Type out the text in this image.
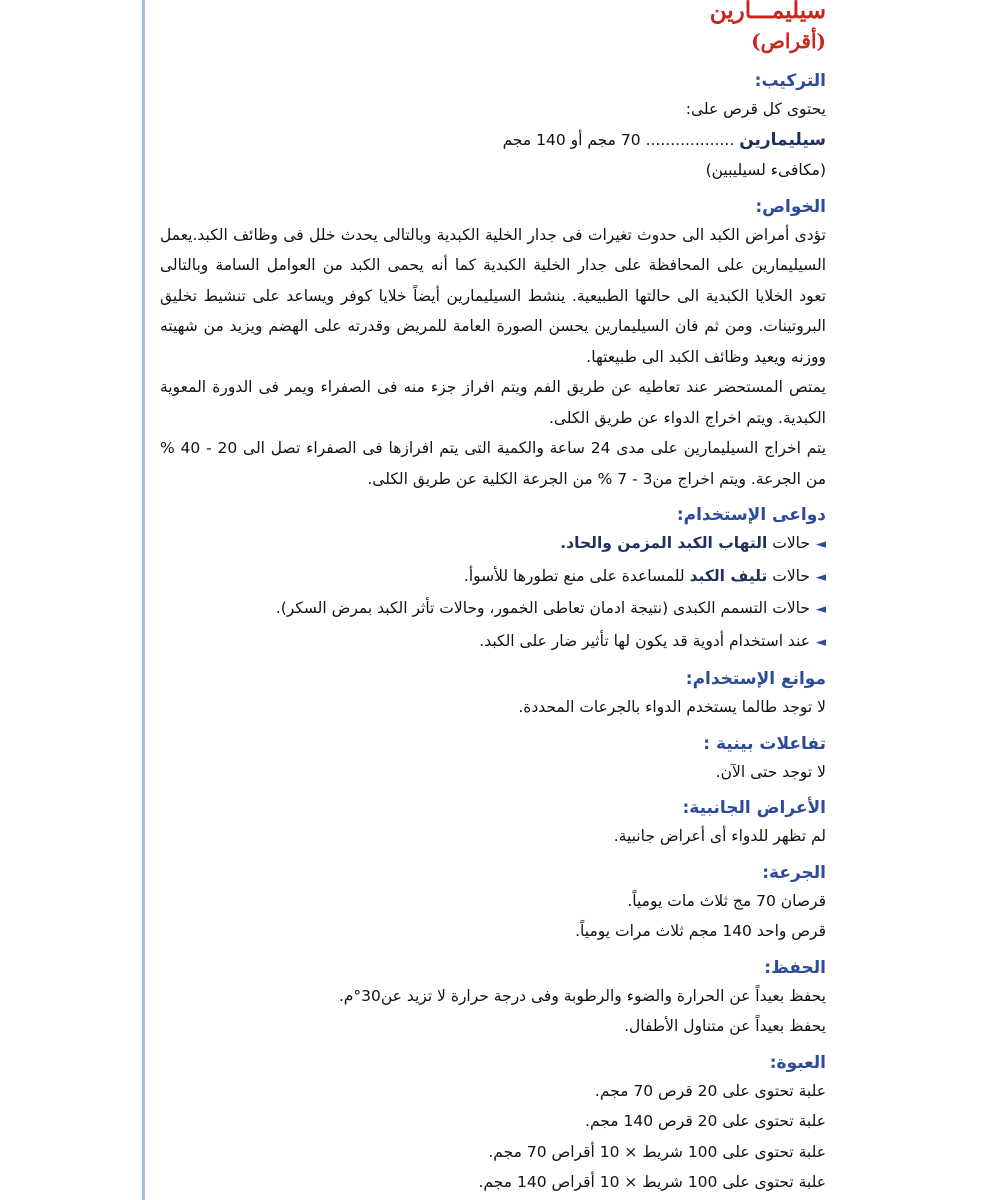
سيليمـــارين
(أقراص)
التركيب:
يحتوى كل قرص على:
سيليمارين .................. 70 مجم أو 140 مجم
(مكافىء لسيليبين)
الخواص:
تؤدى أمراض الكبد الى حدوث تغيرات فى جدار الخلية الكبدية وبالتالى يحدث خلل فى وظائف الكبد.يعمل السيليمارين على المحافظة على جدار الخلية الكبدية كما أنه يحمى الكبد من العوامل السامة وبالتالى تعود الخلايا الكبدية الى حالتها الطبيعية. ينشط السيليمارين أيضاً خلايا كوفر ويساعد على تنشيط تخليق البروتينات. ومن ثم فان السيليمارين يحسن الصورة العامة للمريض وقدرته على الهضم ويزيد من شهيته ووزنه ويعيد وظائف الكبد الى طبيعتها.
يمتص المستحضر عند تعاطيه عن طريق الفم ويتم افراز جزء منه فى الصفراء ويمر فى الدورة المعوية الكبدية. ويتم اخراج الدواء عن طريق الكلى.
يتم اخراج السيليمارين على مدى 24 ساعة والكمية التى يتم افرازها فى الصفراء تصل الى 20 - 40 % من الجرعة. ويتم اخراج من3 - 7 % من الجرعة الكلية عن طريق الكلى.
دواعى الإستخدام:
◄حالات التهاب الكبد المزمن والحاد.
◄حالات تليف الكبد للمساعدة على منع تطورها للأسوأ.
◄حالات التسمم الكبدى (نتيجة ادمان تعاطى الخمور، وحالات تأثر الكبد بمرض السكر).
◄عند استخدام أدوية قد يكون لها تأثير ضار على الكبد.
موانع الإستخدام:
لا توجد طالما يستخدم الدواء بالجرعات المحددة.
تفاعلات بينية :
لا توجد حتى الآن.
الأعراض الجانبية:
لم تظهر للدواء أى أعراض جانبية.
الجرعة:
قرصان 70 مج ثلاث مات يومياً.
قرص واحد 140 مجم ثلاث مرات يومياً.
الحفظ:
يحفظ بعيداً عن الحرارة والضوء والرطوبة وفى درجة حرارة لا تزيد عن30°م.
يحفظ بعيداً عن متناول الأطفال.
العبوة:
علبة تحتوى على 20 قرص 70 مجم.
علبة تحتوى على 20 قرص 140 مجم.
علبة تحتوى على 100 شريط × 10 أقراص 70 مجم.
علبة تحتوى على 100 شريط × 10 أقراص 140 مجم.
